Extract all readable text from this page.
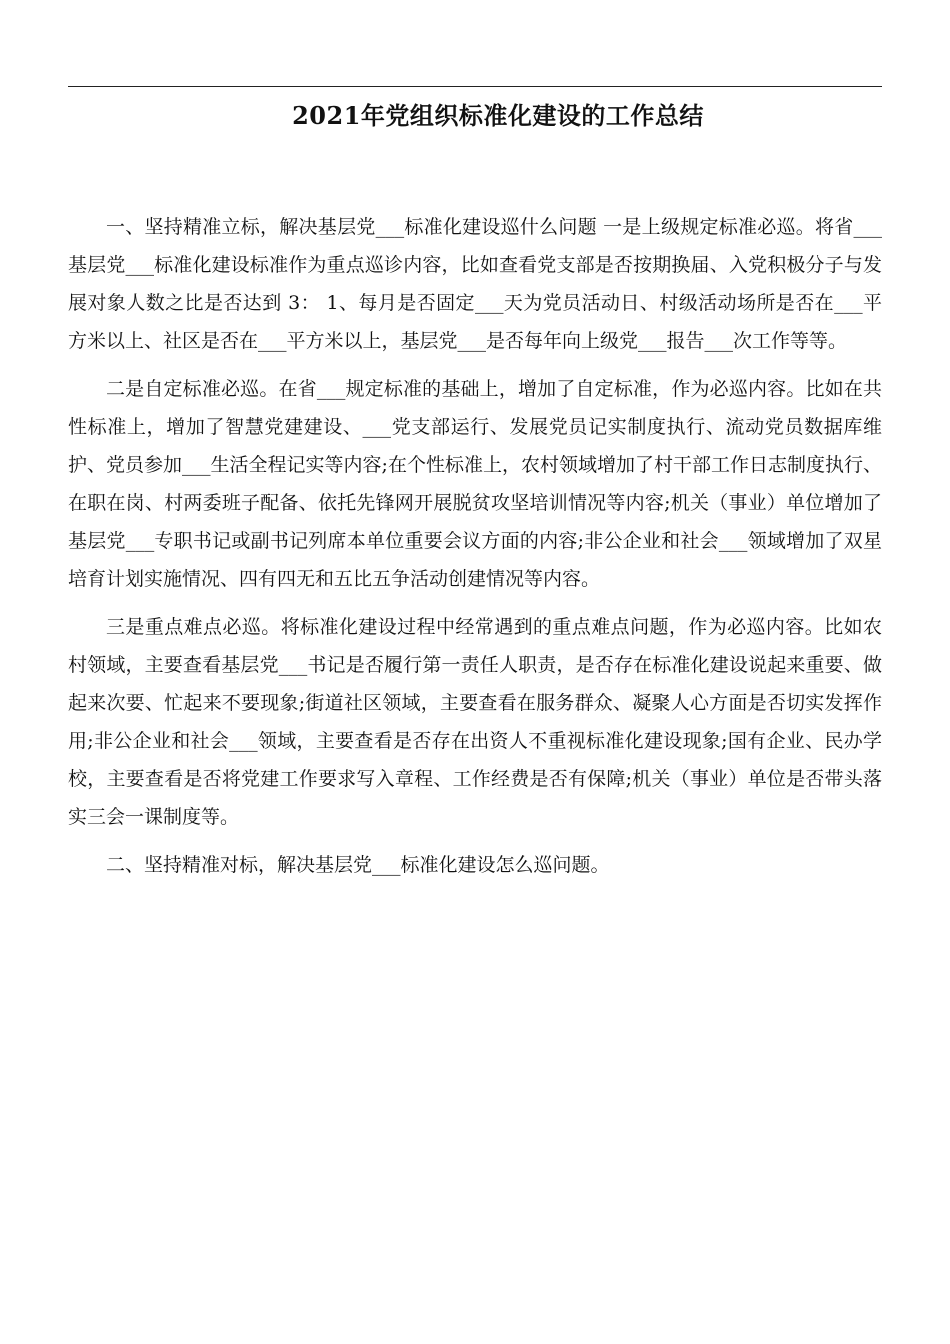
2021年党组织标准化建设的工作总结

一、坚持精准立标，解决基层党___标准化建设巡什么问题 一是上级规定标准必巡。将省___基层党___标准化建设标准作为重点巡诊内容，比如查看党支部是否按期换届、入党积极分子与发展对象人数之比是否达到 3： 1、每月是否固定___天为党员活动日、村级活动场所是否在___平方米以上、社区是否在___平方米以上，基层党___是否每年向上级党___报告___次工作等等。

二是自定标准必巡。在省___规定标准的基础上，增加了自定标准，作为必巡内容。比如在共性标准上，增加了智慧党建建设、___党支部运行、发展党员记实制度执行、流动党员数据库维护、党员参加___生活全程记实等内容;在个性标准上，农村领域增加了村干部工作日志制度执行、在职在岗、村两委班子配备、依托先锋网开展脱贫攻坚培训情况等内容;机关（事业）单位增加了基层党___专职书记或副书记列席本单位重要会议方面的内容;非公企业和社会___领域增加了双星培育计划实施情况、四有四无和五比五争活动创建情况等内容。

三是重点难点必巡。将标准化建设过程中经常遇到的重点难点问题，作为必巡内容。比如农村领域，主要查看基层党___书记是否履行第一责任人职责，是否存在标准化建设说起来重要、做起来次要、忙起来不要现象;街道社区领域，主要查看在服务群众、凝聚人心方面是否切实发挥作用;非公企业和社会___领域，主要查看是否存在出资人不重视标准化建设现象;国有企业、民办学校，主要查看是否将党建工作要求写入章程、工作经费是否有保障;机关（事业）单位是否带头落实三会一课制度等。

二、坚持精准对标，解决基层党___标准化建设怎么巡问题。
